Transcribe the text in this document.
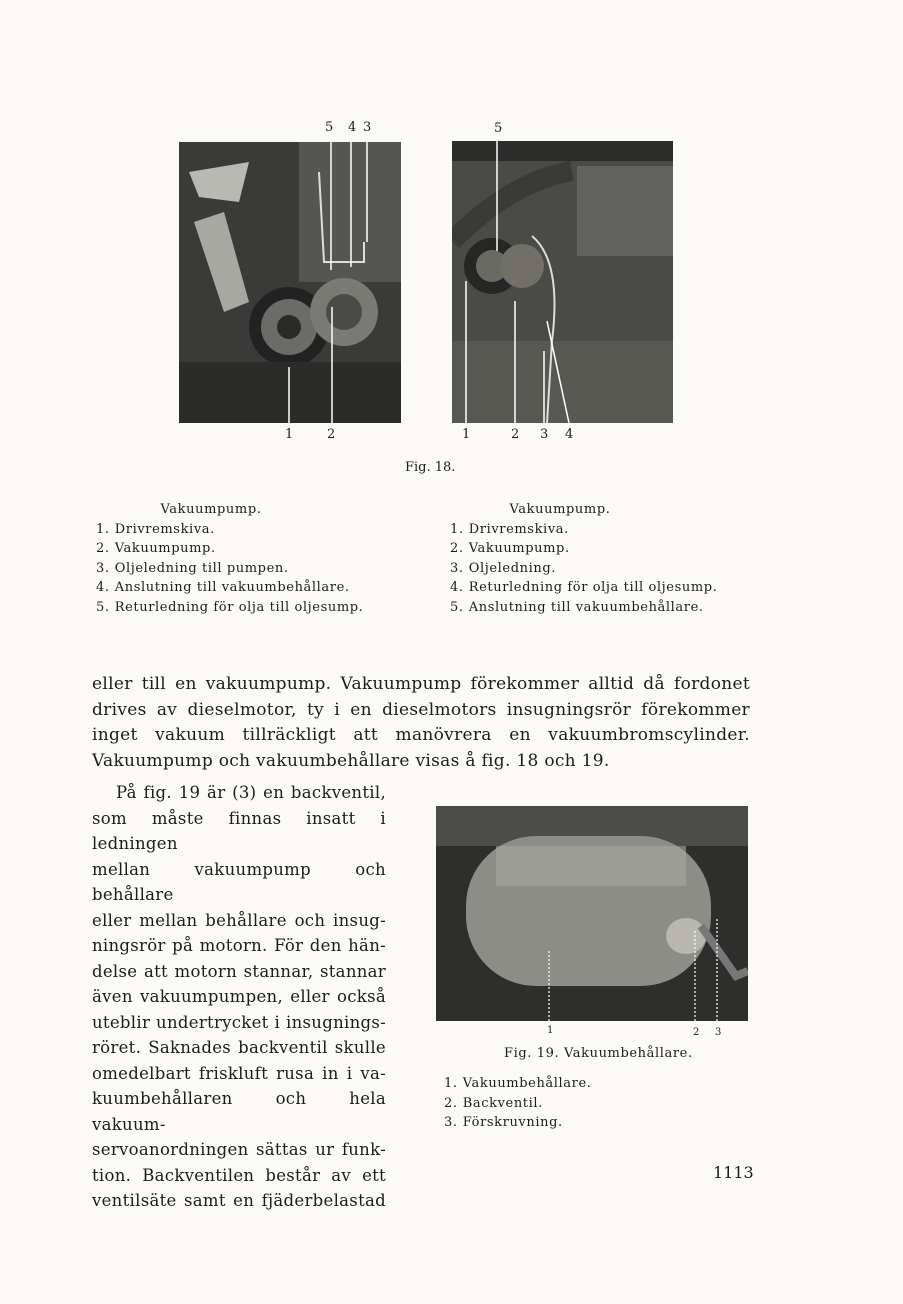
5 4 3
1	2
5
1	2 3 4
Fig. 18.
Vakuumpump.
1. Drivremskiva.
2. Vakuumpump.
3. Oljeledning till pumpen.
4. Anslutning till vakuumbehållare.
5. Returledning för olja till oljesump.
Vakuumpump.
1. Drivremskiva.
2. Vakuumpump.
3. Oljeledning.
4. Returledning för olja till oljesump.
5. Anslutning till vakuumbehållare.

eller till en vakuumpump. Vakuumpump förekommer alltid då fordonet drives av dieselmotor, ty i en dieselmotors insugningsrör förekommer inget vakuum tillräckligt att manövrera en vakuumbromscylinder. Vakuumpump och vakuumbehållare visas å fig. 18 och 19.

På fig. 19 är (3) en backventil,
som måste finnas insatt i ledningen
mellan vakuumpump och behållare
eller mellan behållare och insug-
ningsrör på motorn. För den hän-
delse att motorn stannar, stannar
även vakuumpumpen, eller också
uteblir undertrycket i insugnings-
röret. Saknades backventil skulle
omedelbart friskluft rusa in i va-
kuumbehållaren och hela vakuum-
servoanordningen sättas ur funk-
tion. Backventilen består av ett
ventilsäte samt en fjäderbelastad

1	2 3
Fig. 19. Vakuumbehållare.
1. Vakuumbehållare.
2. Backventil.
3. Förskruvning.
1113
